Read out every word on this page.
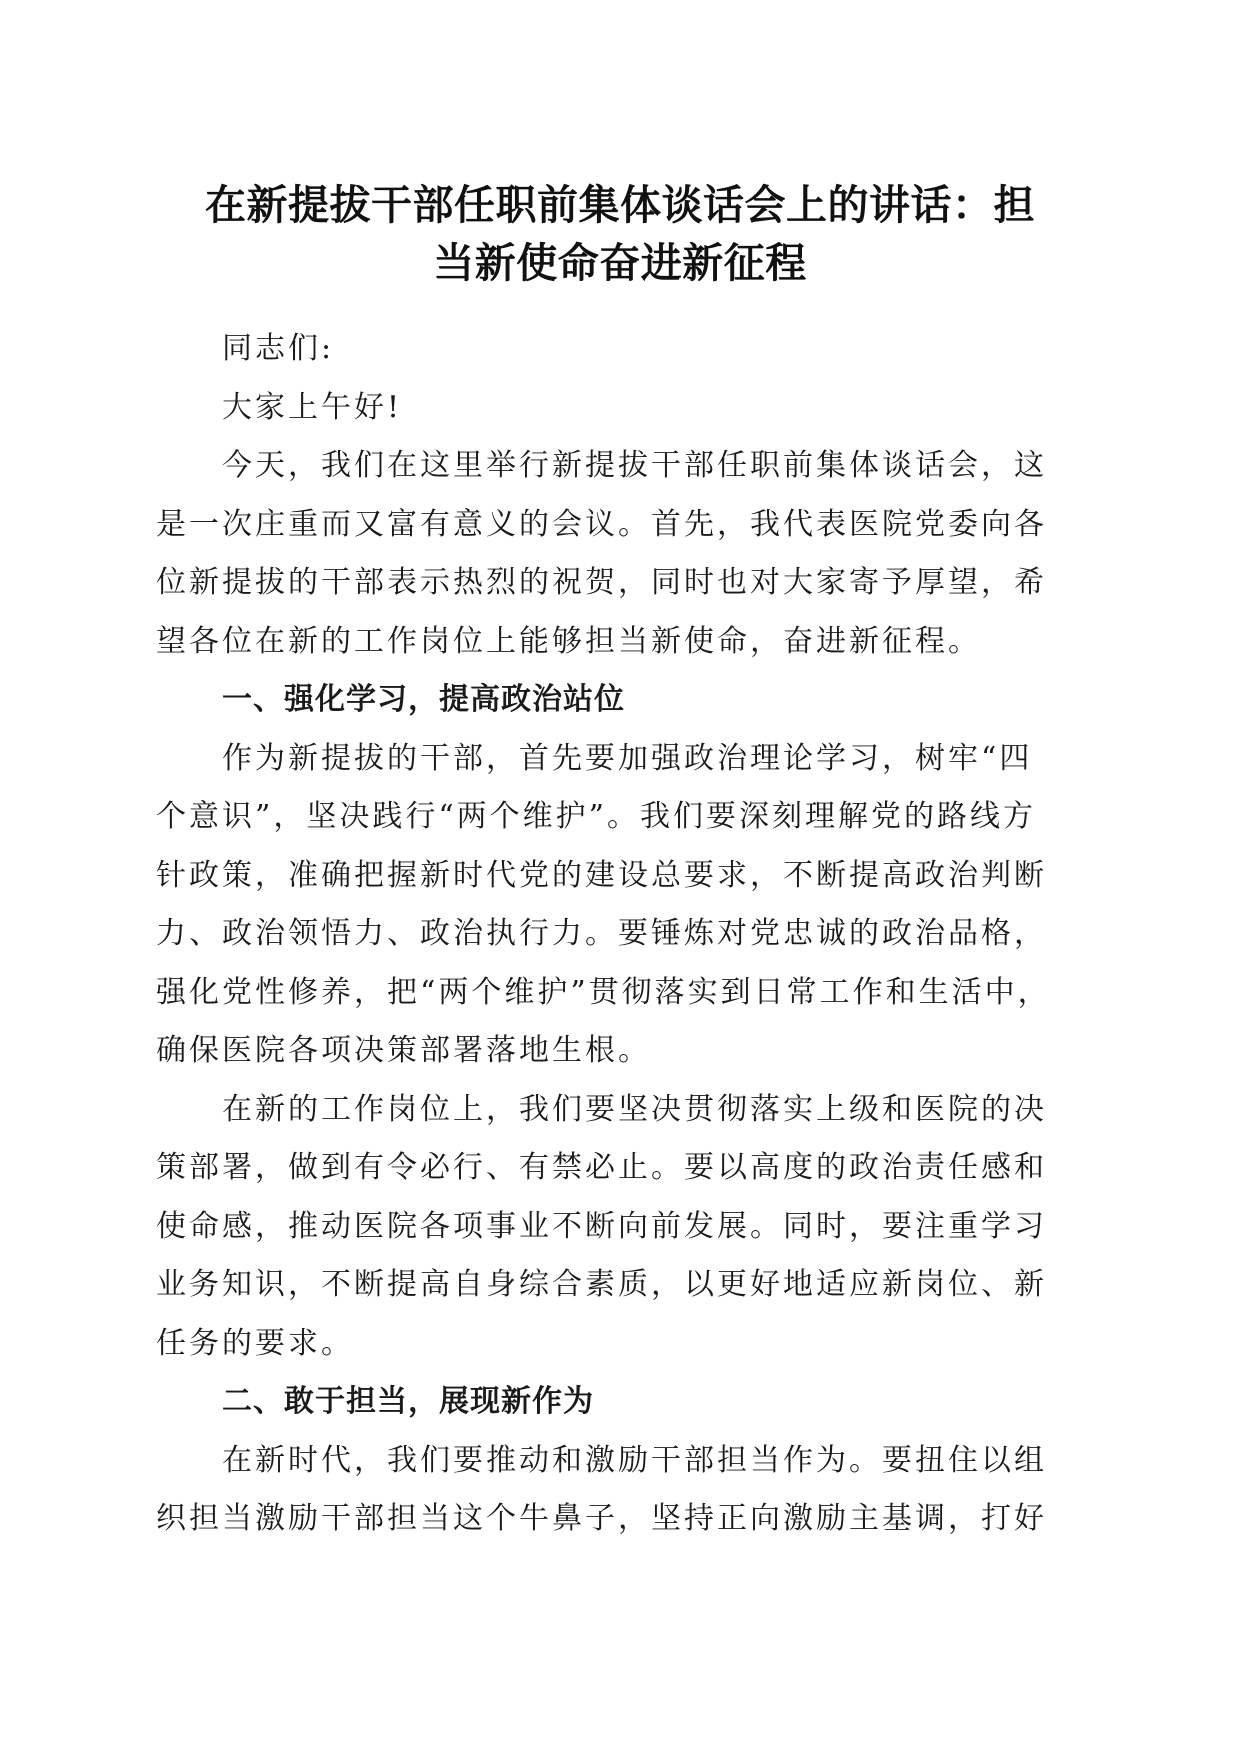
在新提拔干部任职前集体谈话会上的讲话：担
当新使命奋进新征程

同志们:

大家上午好!

今天，我们在这里举行新提拔干部任职前集体谈话会，这是一次庄重而又富有意义的会议。首先，我代表医院党委向各位新提拔的干部表示热烈的祝贺，同时也对大家寄予厚望，希望各位在新的工作岗位上能够担当新使命，奋进新征程。

一、强化学习，提高政治站位

作为新提拔的干部，首先要加强政治理论学习，树牢“四个意识”，坚决践行“两个维护”。我们要深刻理解党的路线方针政策，准确把握新时代党的建设总要求，不断提高政治判断力、政治领悟力、政治执行力。要锤炼对党忠诚的政治品格，强化党性修养，把“两个维护”贯彻落实到日常工作和生活中，确保医院各项决策部署落地生根。

在新的工作岗位上，我们要坚决贯彻落实上级和医院的决策部署，做到有令必行、有禁必止。要以高度的政治责任感和使命感，推动医院各项事业不断向前发展。同时，要注重学习业务知识，不断提高自身综合素质，以更好地适应新岗位、新任务的要求。

二、敢于担当，展现新作为

在新时代，我们要推动和激励干部担当作为。要扭住以组织担当激励干部担当这个牛鼻子，坚持正向激励主基调，打好
